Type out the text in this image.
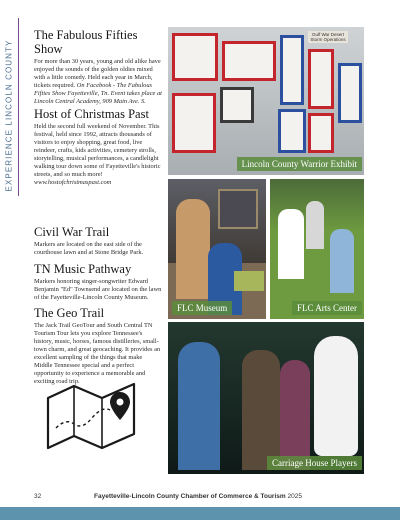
EXPERIENCE LINCOLN COUNTY
The Fabulous Fifties Show

For more than 30 years, young and old alike have enjoyed the sounds of the golden oldies mixed with a little comedy. Held each year in March, tickets required. On Facebook - The Fabulous Fifties Show Fayetteville, Tn. Event takes place at Lincoln Central Academy, 909 Main Ave. S.

Host of Christmas Past

Held the second full weekend of November. This festival, held since 1992, attracts thousands of visitors to enjoy shopping, great food, live reindeer, crafts, kids activities, cemetery strolls, storytelling, musical performances, a candlelight walking tour down some of Fayetteville's historic streets, and so much more! www.hostofchristmaspast.com

Civil War Trail

Markers are located on the east side of the courthouse lawn and at Stone Bridge Park.

TN Music Pathway

Markers honoring singer-songwriter Edward Benjamin "Ed" Townsend are located on the lawn of the Fayetteville-Lincoln County Museum.

The Geo Trail

The Jack Trail GeoTour and South Central TN Tourism Tour lets you explore Tennessee's history, music, horses, famous distilleries, small-town charm, and great geocaching. It provides an excellent sampling of the things that make Middle Tennessee special and a perfect opportunity to experience a memorable and exciting road trip.

Gulf War Desert Storm Operations
Lincoln County Warrior Exhibit
FLC Museum	FLC Arts Center
Carriage House Players
32	Fayetteville-Lincoln County Chamber of Commerce & Tourism 2025
